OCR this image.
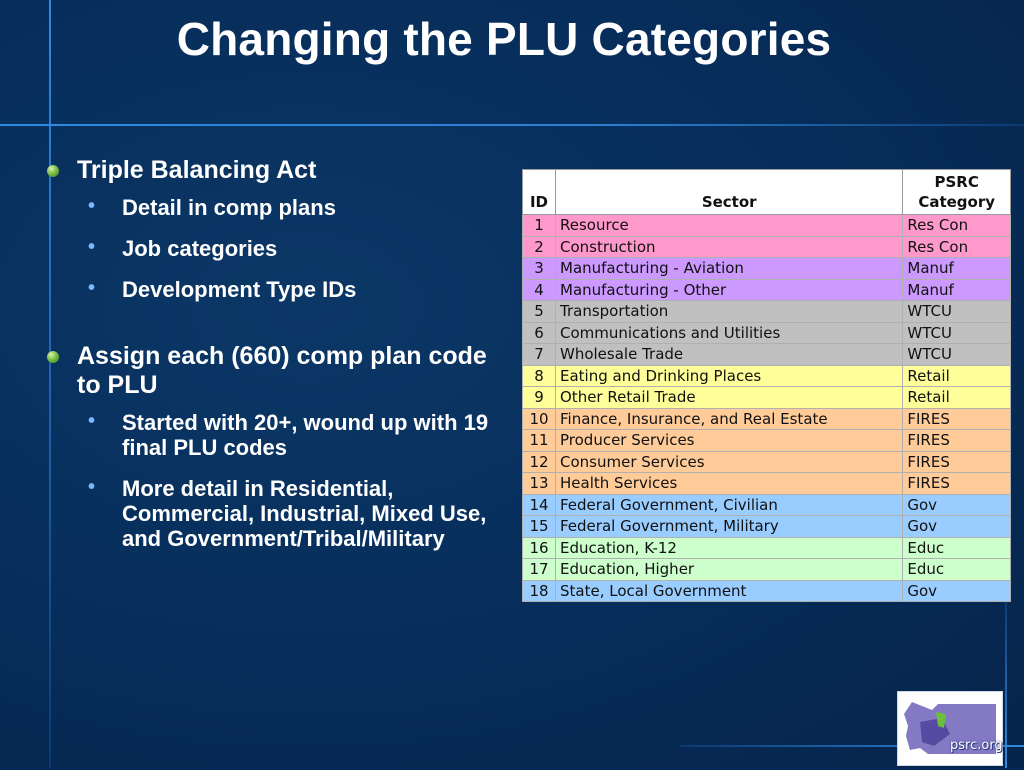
Changing the PLU Categories
Triple Balancing Act
• Detail in comp plans
• Job categories
• Development Type IDs
Assign each (660) comp plan code to PLU
• Started with 20+, wound up with 19 final PLU codes
• More detail in Residential, Commercial, Industrial, Mixed Use, and Government/Tribal/Military
ID	Sector	PSRC
Category

1	Resource	Res Con
2	Construction	Res Con
3	Manufacturing - Aviation	Manuf
4	Manufacturing - Other	Manuf
5	Transportation	WTCU
6	Communications and Utilities	WTCU
7	Wholesale Trade	WTCU
8	Eating and Drinking Places	Retail
9	Other Retail Trade	Retail
10	Finance, Insurance, and Real Estate	FIRES
11	Producer Services	FIRES
12	Consumer Services	FIRES
13	Health Services	FIRES
14	Federal Government, Civilian	Gov
15	Federal Government, Military	Gov
16	Education, K-12	Educ
17	Education, Higher	Educ
18	State, Local Government	Gov
psrc.org
